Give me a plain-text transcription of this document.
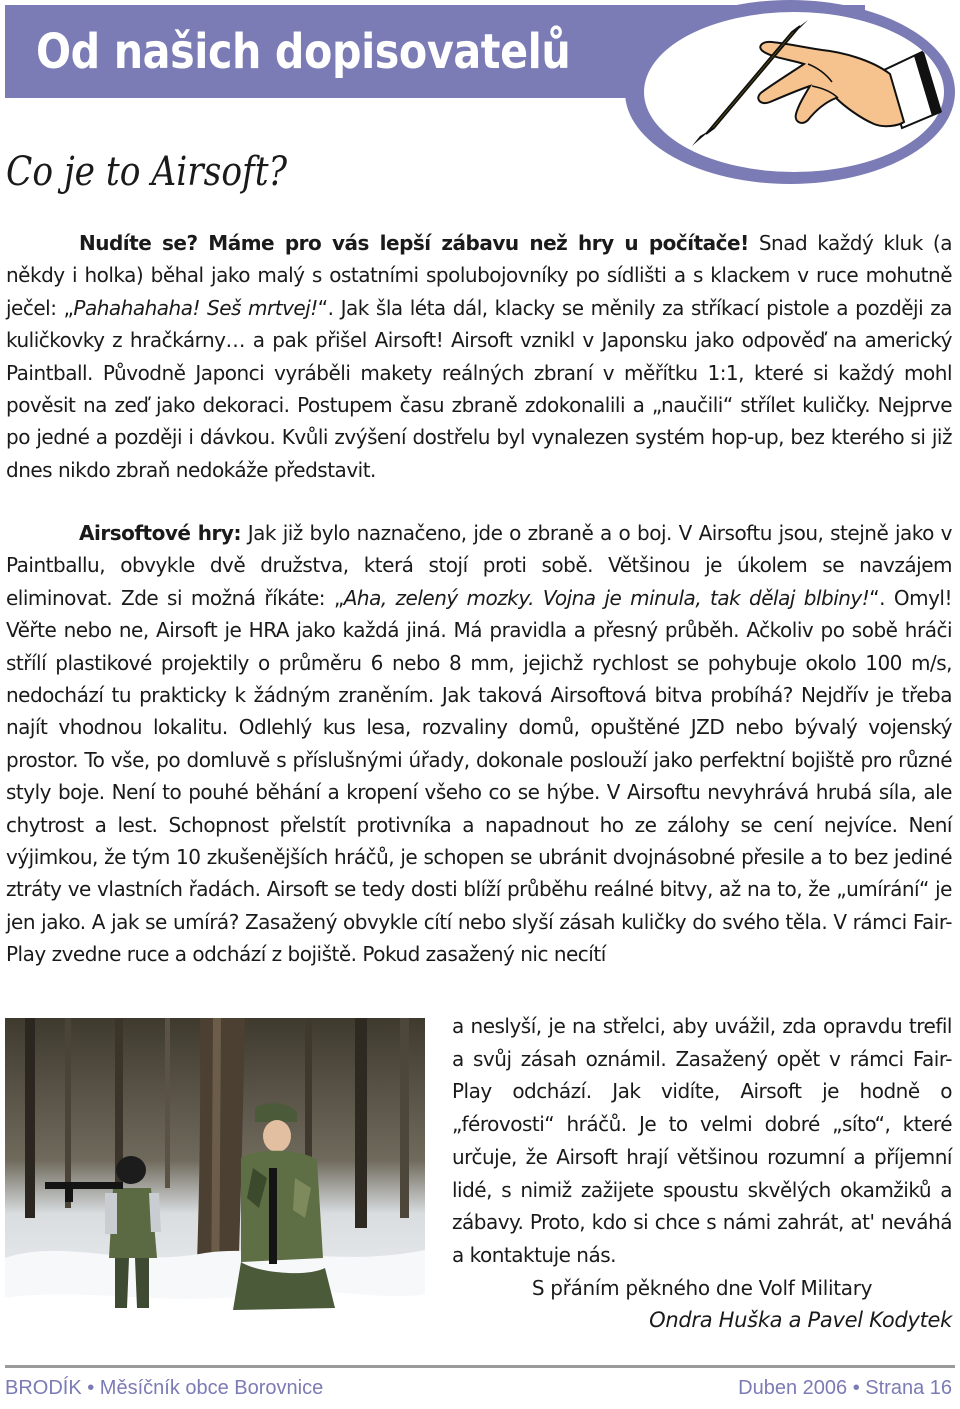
Od našich dopisovatelů
Co je to Airsoft?

Nudíte se? Máme pro vás lepší zábavu než hry u počítače! Snad každý kluk (a někdy i holka) běhal jako malý s ostatními spolubojovníky po sídlišti a s klackem v ruce mohutně ječel: „Pahahahaha! Seš mrtvej!“. Jak šla léta dál, klacky se měnily za stříkací pistole a později za kuličkovky z hračkárny… a pak přišel Airsoft! Airsoft vznikl v Japonsku jako odpověď na americký Paintball. Původně Japonci vyráběli makety reálných zbraní v měřítku 1:1, které si každý mohl pověsit na zeď jako dekoraci. Postupem času zbraně zdokonalili a „naučili“ střílet kuličky. Nejprve po jedné a později i dávkou. Kvůli zvýšení dostřelu byl vynalezen systém hop-up, bez kterého si již dnes nikdo zbraň nedokáže představit.

Airsoftové hry: Jak již bylo naznačeno, jde o zbraně a o boj. V Airsoftu jsou, stejně jako v Paintballu, obvykle dvě družstva, která stojí proti sobě. Většinou je úkolem se navzájem eliminovat. Zde si možná říkáte: „Aha, zelený mozky. Vojna je minula, tak dělaj blbiny!“. Omyl! Věřte nebo ne, Airsoft je HRA jako každá jiná. Má pravidla a přesný průběh. Ačkoliv po sobě hráči střílí plastikové projektily o průměru 6 nebo 8 mm, jejichž rychlost se pohybuje okolo 100 m/s, nedochází tu prakticky k žádným zraněním. Jak taková Airsoftová bitva probíhá? Nejdřív je třeba najít vhodnou lokalitu. Odlehlý kus lesa, rozvaliny domů, opuštěné JZD nebo bývalý vojenský prostor. To vše, po domluvě s příslušnými úřady, dokonale poslouží jako perfektní bojiště pro různé styly boje. Není to pouhé běhání a kropení všeho co se hýbe. V Airsoftu nevyhrává hrubá síla, ale chytrost a lest. Schopnost přelstít protivníka a napadnout ho ze zálohy se cení nejvíce. Není výjimkou, že tým 10 zkušenějších hráčů, je schopen se ubránit dvojnásobné přesile a to bez jediné ztráty ve vlastních řadách. Airsoft se tedy dosti blíží průběhu reálné bitvy, až na to, že „umírání“ je jen jako. A jak se umírá? Zasažený obvykle cítí nebo slyší zásah kuličky do svého těla. V rámci Fair-Play zvedne ruce a odchází z bojiště. Pokud zasažený nic necítí

a neslyší, je na střelci, aby uvážil, zda opravdu trefil a svůj zásah oznámil. Zasažený opět v rámci Fair-Play odchází. Jak vidíte, Airsoft je hodně o „férovosti“ hráčů. Je to velmi dobré „síto“, které určuje, že Airsoft hrají většinou rozumní a příjemní lidé, s nimiž zažijete spoustu skvělých okamžiků a zábavy. Proto, kdo si chce s námi zahrát, at' neváhá a kontaktuje nás.

S přáním pěkného dne Volf Military

Ondra Huška a Pavel Kodytek

BRODÍK • Měsíčník obce Borovnice	Duben 2006 • Strana 16
